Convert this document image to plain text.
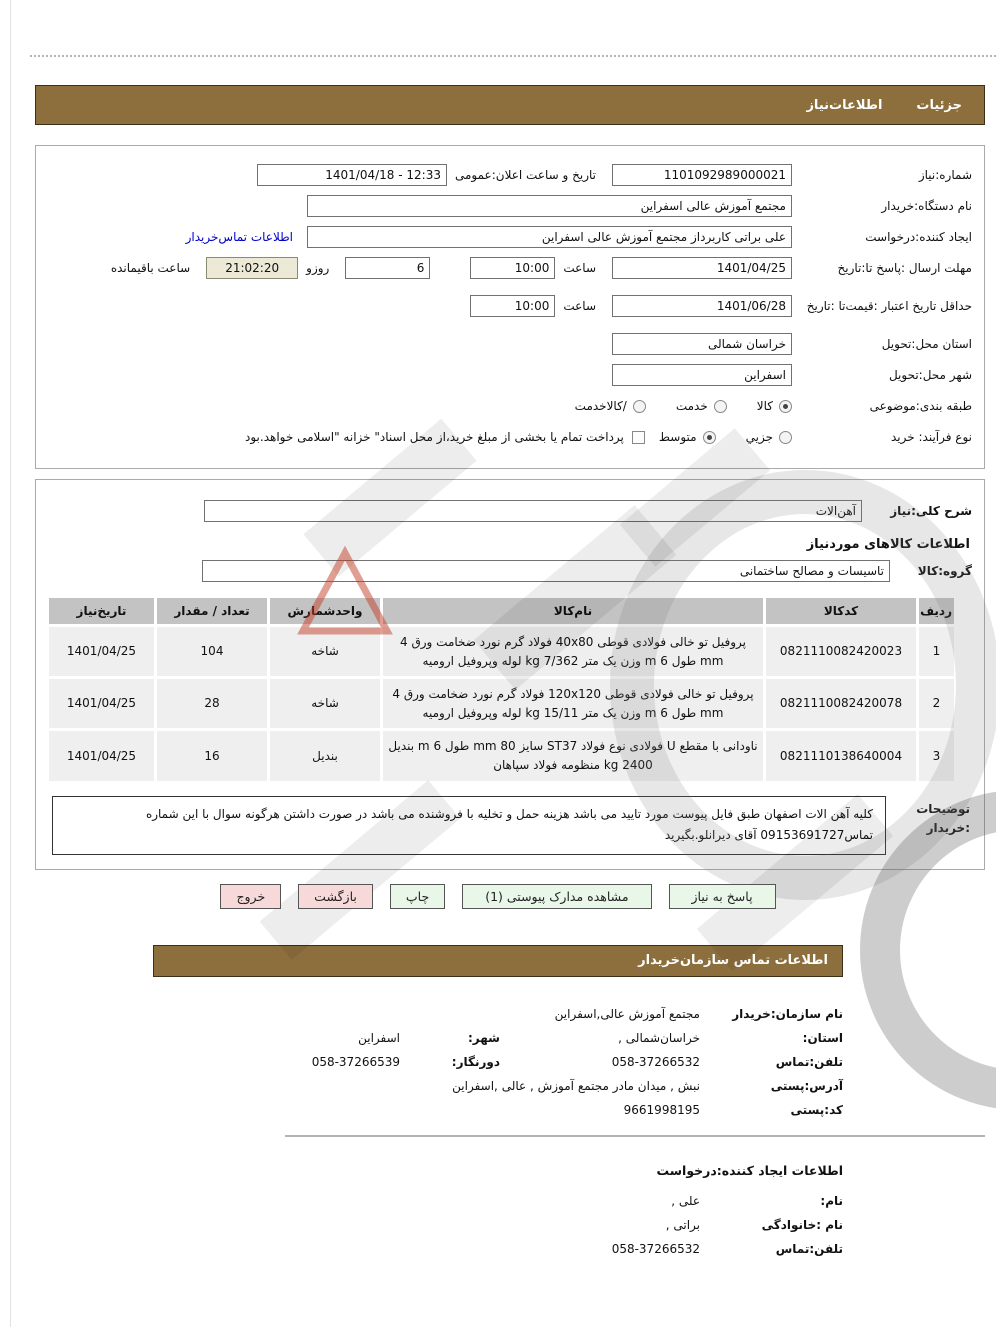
جزئیات
اطلاعات‌نیاز
شماره:نیاز
1101092989000021
تاریخ و ساعت اعلان:عمومی
1401/04/18 - 12:33
نام دستگاه:خریدار
مجتمع آموزش عالی اسفراین
ایجاد کننده:درخواست
علی براتی کاربرداز مجتمع آموزش عالی اسفراین
اطلاعات تماس‌خریدار
مهلت ارسال :پاسخ تا:تاریخ
1401/04/25
ساعت
10:00
6
روزو
21:02:20
ساعت باقیمانده
حداقل تاریخ اعتبار :قیمت‌تا :تاریخ
1401/06/28
ساعت
10:00
استان محل:تحویل
خراسان شمالی
شهر محل:تحویل
اسفراین
طبقه بندی:موضوعی
کالا
خدمت
/کالاخدمت
نوع فرآیند: خرید
جزيي
متوسط
پرداخت تمام یا بخشی از مبلغ خرید،از محل اسناد" خزانه "اسلامی خواهد.بود
شرح کلی:نیاز
آهن‌الات
اطلاعات کالاهای موردنیاز
گروه:کالا
تاسیسات و مصالح ساختمانی
ردیف	کدکالا	نام‌کالا	واحدشمارش	تعداد / مقدار	تاریخ‌نیاز
1	0821110082420023	پروفیل تو خالی فولادی قوطی 40x80 فولاد گرم نورد ضخامت ورق 4 mm طول 6 m وزن یک متر 7/362 kg لوله وپروفیل ارومیه	شاخه	104	1401/04/25
2	0821110082420078	پروفیل تو خالی فولادی قوطی 120x120 فولاد گرم نورد ضخامت ورق 4 mm طول 6 m وزن یک متر 15/11 kg لوله وپروفیل ارومیه	شاخه	28	1401/04/25
3	0821110138640004	ناودانی با مقطع U فولادی نوع فولاد ST37 سایز 80 mm طول 6 m بندیل 2400 kg منظومه فولاد سپاهان	بندیل	16	1401/04/25
توضیحات :خریدار
کلیه آهن الات اصفهان طبق فایل پیوست مورد تایید می باشد هزینه حمل و تخلیه با فروشنده می باشد در صورت داشتن هرگونه سوال با این شماره تماس09153691727 آقای دیرانلو.بگیرید
پاسخ به نیاز
مشاهده مدارک پیوستی (1)
چاپ
بازگشت
خروج
اطلاعات تماس سازمان‌خریدار
نام سازمان:خریدار
مجتمع آموزش عالی,اسفراین
استان:
خراسان‌شمالی ,
شهر:
اسفراین
تلفن:تماس
058-37266532
دورنگار:
058-37266539
آدرس:پستی
نبش , میدان مادر مجتمع آموزش , عالی ,اسفراین
کد:پستی
9661998195
اطلاعات ایجاد کننده:درخواست
نام:
علی ,
نام :خانوادگی
براتی ,
تلفن:تماس
058-37266532
